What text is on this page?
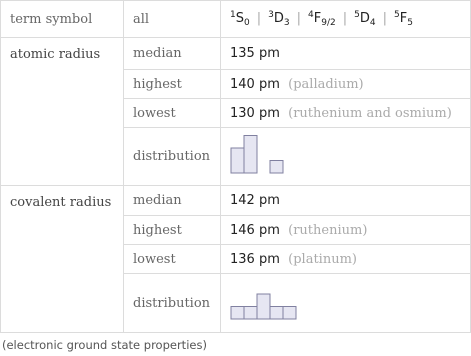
term symbol	all	$^1S_0$ | $^3D_3$ | $^4F_{9/2}$ | $^5D_4$ | $^5F_5$
atomic radius	median	135 pm
	highest	140 pm (palladium)
	lowest	130 pm (ruthenium and osmium)
	distribution	

covalent radius	median	142 pm
	highest	146 pm (ruthenium)
	lowest	136 pm (platinum)
	distribution	
(electronic ground state properties)
